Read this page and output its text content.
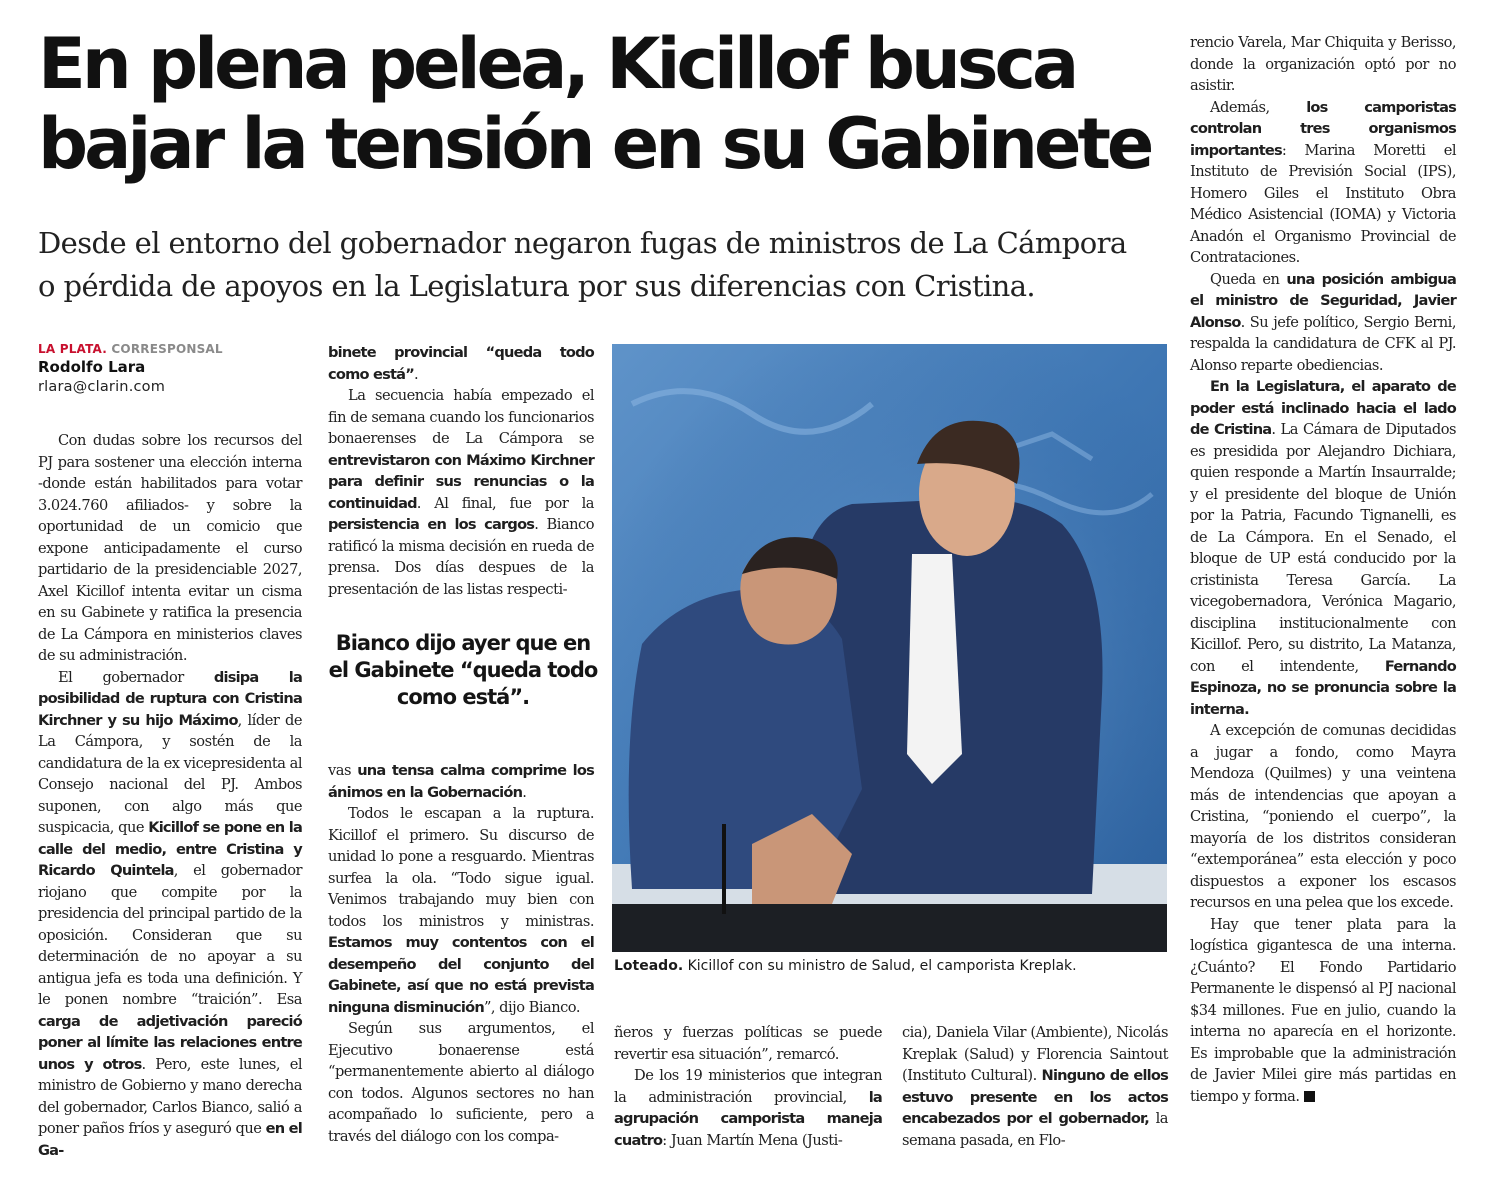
En plena pelea, Kicillof busca
bajar la tensión en su Gabinete
Desde el entorno del gobernador negaron fugas de ministros de La Cámpora
o pérdida de apoyos en la Legislatura por sus diferencias con Cristina.
LA PLATA. CORRESPONSAL
Rodolfo Lara
rlara@clarin.com

Con dudas sobre los recursos del PJ para sostener una elección interna -donde están habilitados para votar 3.024.760 afiliados- y sobre la oportunidad de un comicio que expone anticipadamente el curso partidario de la presidenciable 2027, Axel Kicillof intenta evitar un cisma en su Gabinete y ratifica la presencia de La Cámpora en ministerios claves de su administración.

El gobernador disipa la posibilidad de ruptura con Cristina Kirchner y su hijo Máximo, líder de La Cámpora, y sostén de la candidatura de la ex vicepresidenta al Consejo nacional del PJ. Ambos suponen, con algo más que suspicacia, que Kicillof se pone en la calle del medio, entre Cristina y Ricardo Quintela, el gobernador riojano que compite por la presidencia del principal partido de la oposición. Consideran que su determinación de no apoyar a su antigua jefa es toda una definición. Y le ponen nombre “traición”. Esa carga de adjetivación pareció poner al límite las relaciones entre unos y otros. Pero, este lunes, el ministro de Gobierno y mano derecha del gobernador, Carlos Bianco, salió a poner paños fríos y aseguró que en el Ga-

binete provincial “queda todo como está”.

La secuencia había empezado el fin de semana cuando los funcionarios bonaerenses de La Cámpora se entrevistaron con Máximo Kirchner para definir sus renuncias o la continuidad. Al final, fue por la persistencia en los cargos. Bianco ratificó la misma decisión en rueda de prensa. Dos días despues de la presentación de las listas respecti-

Bianco dijo ayer que en el Gabinete “queda todo como está”.

vas una tensa calma comprime los ánimos en la Gobernación.

Todos le escapan a la ruptura. Kicillof el primero. Su discurso de unidad lo pone a resguardo. Mientras surfea la ola. “Todo sigue igual. Venimos trabajando muy bien con todos los ministros y ministras. Estamos muy contentos con el desempeño del conjunto del Gabinete, así que no está prevista ninguna disminución”, dijo Bianco.

Según sus argumentos, el Ejecutivo bonaerense está “permanentemente abierto al diálogo con todos. Algunos sectores no han acompañado lo suficiente, pero a través del diálogo con los compa-

Loteado. Kicillof con su ministro de Salud, el camporista Kreplak.

ñeros y fuerzas políticas se puede revertir esa situación”, remarcó.

De los 19 ministerios que integran la administración provincial, la agrupación camporista maneja cuatro: Juan Martín Mena (Justi-

cia), Daniela Vilar (Ambiente), Nicolás Kreplak (Salud) y Florencia Saintout (Instituto Cultural). Ninguno de ellos estuvo presente en los actos encabezados por el gobernador, la semana pasada, en Flo-

rencio Varela, Mar Chiquita y Berisso, donde la organización optó por no asistir.

Además, los camporistas controlan tres organismos importantes: Marina Moretti el Instituto de Previsión Social (IPS), Homero Giles el Instituto Obra Médico Asistencial (IOMA) y Victoria Anadón el Organismo Provincial de Contrataciones.

Queda en una posición ambigua el ministro de Seguridad, Javier Alonso. Su jefe político, Sergio Berni, respalda la candidatura de CFK al PJ. Alonso reparte obediencias.

En la Legislatura, el aparato de poder está inclinado hacia el lado de Cristina. La Cámara de Diputados es presidida por Alejandro Dichiara, quien responde a Martín Insaurralde; y el presidente del bloque de Unión por la Patria, Facundo Tignanelli, es de La Cámpora. En el Senado, el bloque de UP está conducido por la cristinista Teresa García. La vicegobernadora, Verónica Magario, disciplina institucionalmente con Kicillof. Pero, su distrito, La Matanza, con el intendente, Fernando Espinoza, no se pronuncia sobre la interna.

A excepción de comunas decididas a jugar a fondo, como Mayra Mendoza (Quilmes) y una veintena más de intendencias que apoyan a Cristina, “poniendo el cuerpo”, la mayoría de los distritos consideran “extemporánea” esta elección y poco dispuestos a exponer los escasos recursos en una pelea que los excede.

Hay que tener plata para la logística gigantesca de una interna. ¿Cuánto? El Fondo Partidario Permanente le dispensó al PJ nacional $34 millones. Fue en julio, cuando la interna no aparecía en el horizonte. Es improbable que la administración de Javier Milei gire más partidas en tiempo y forma.
